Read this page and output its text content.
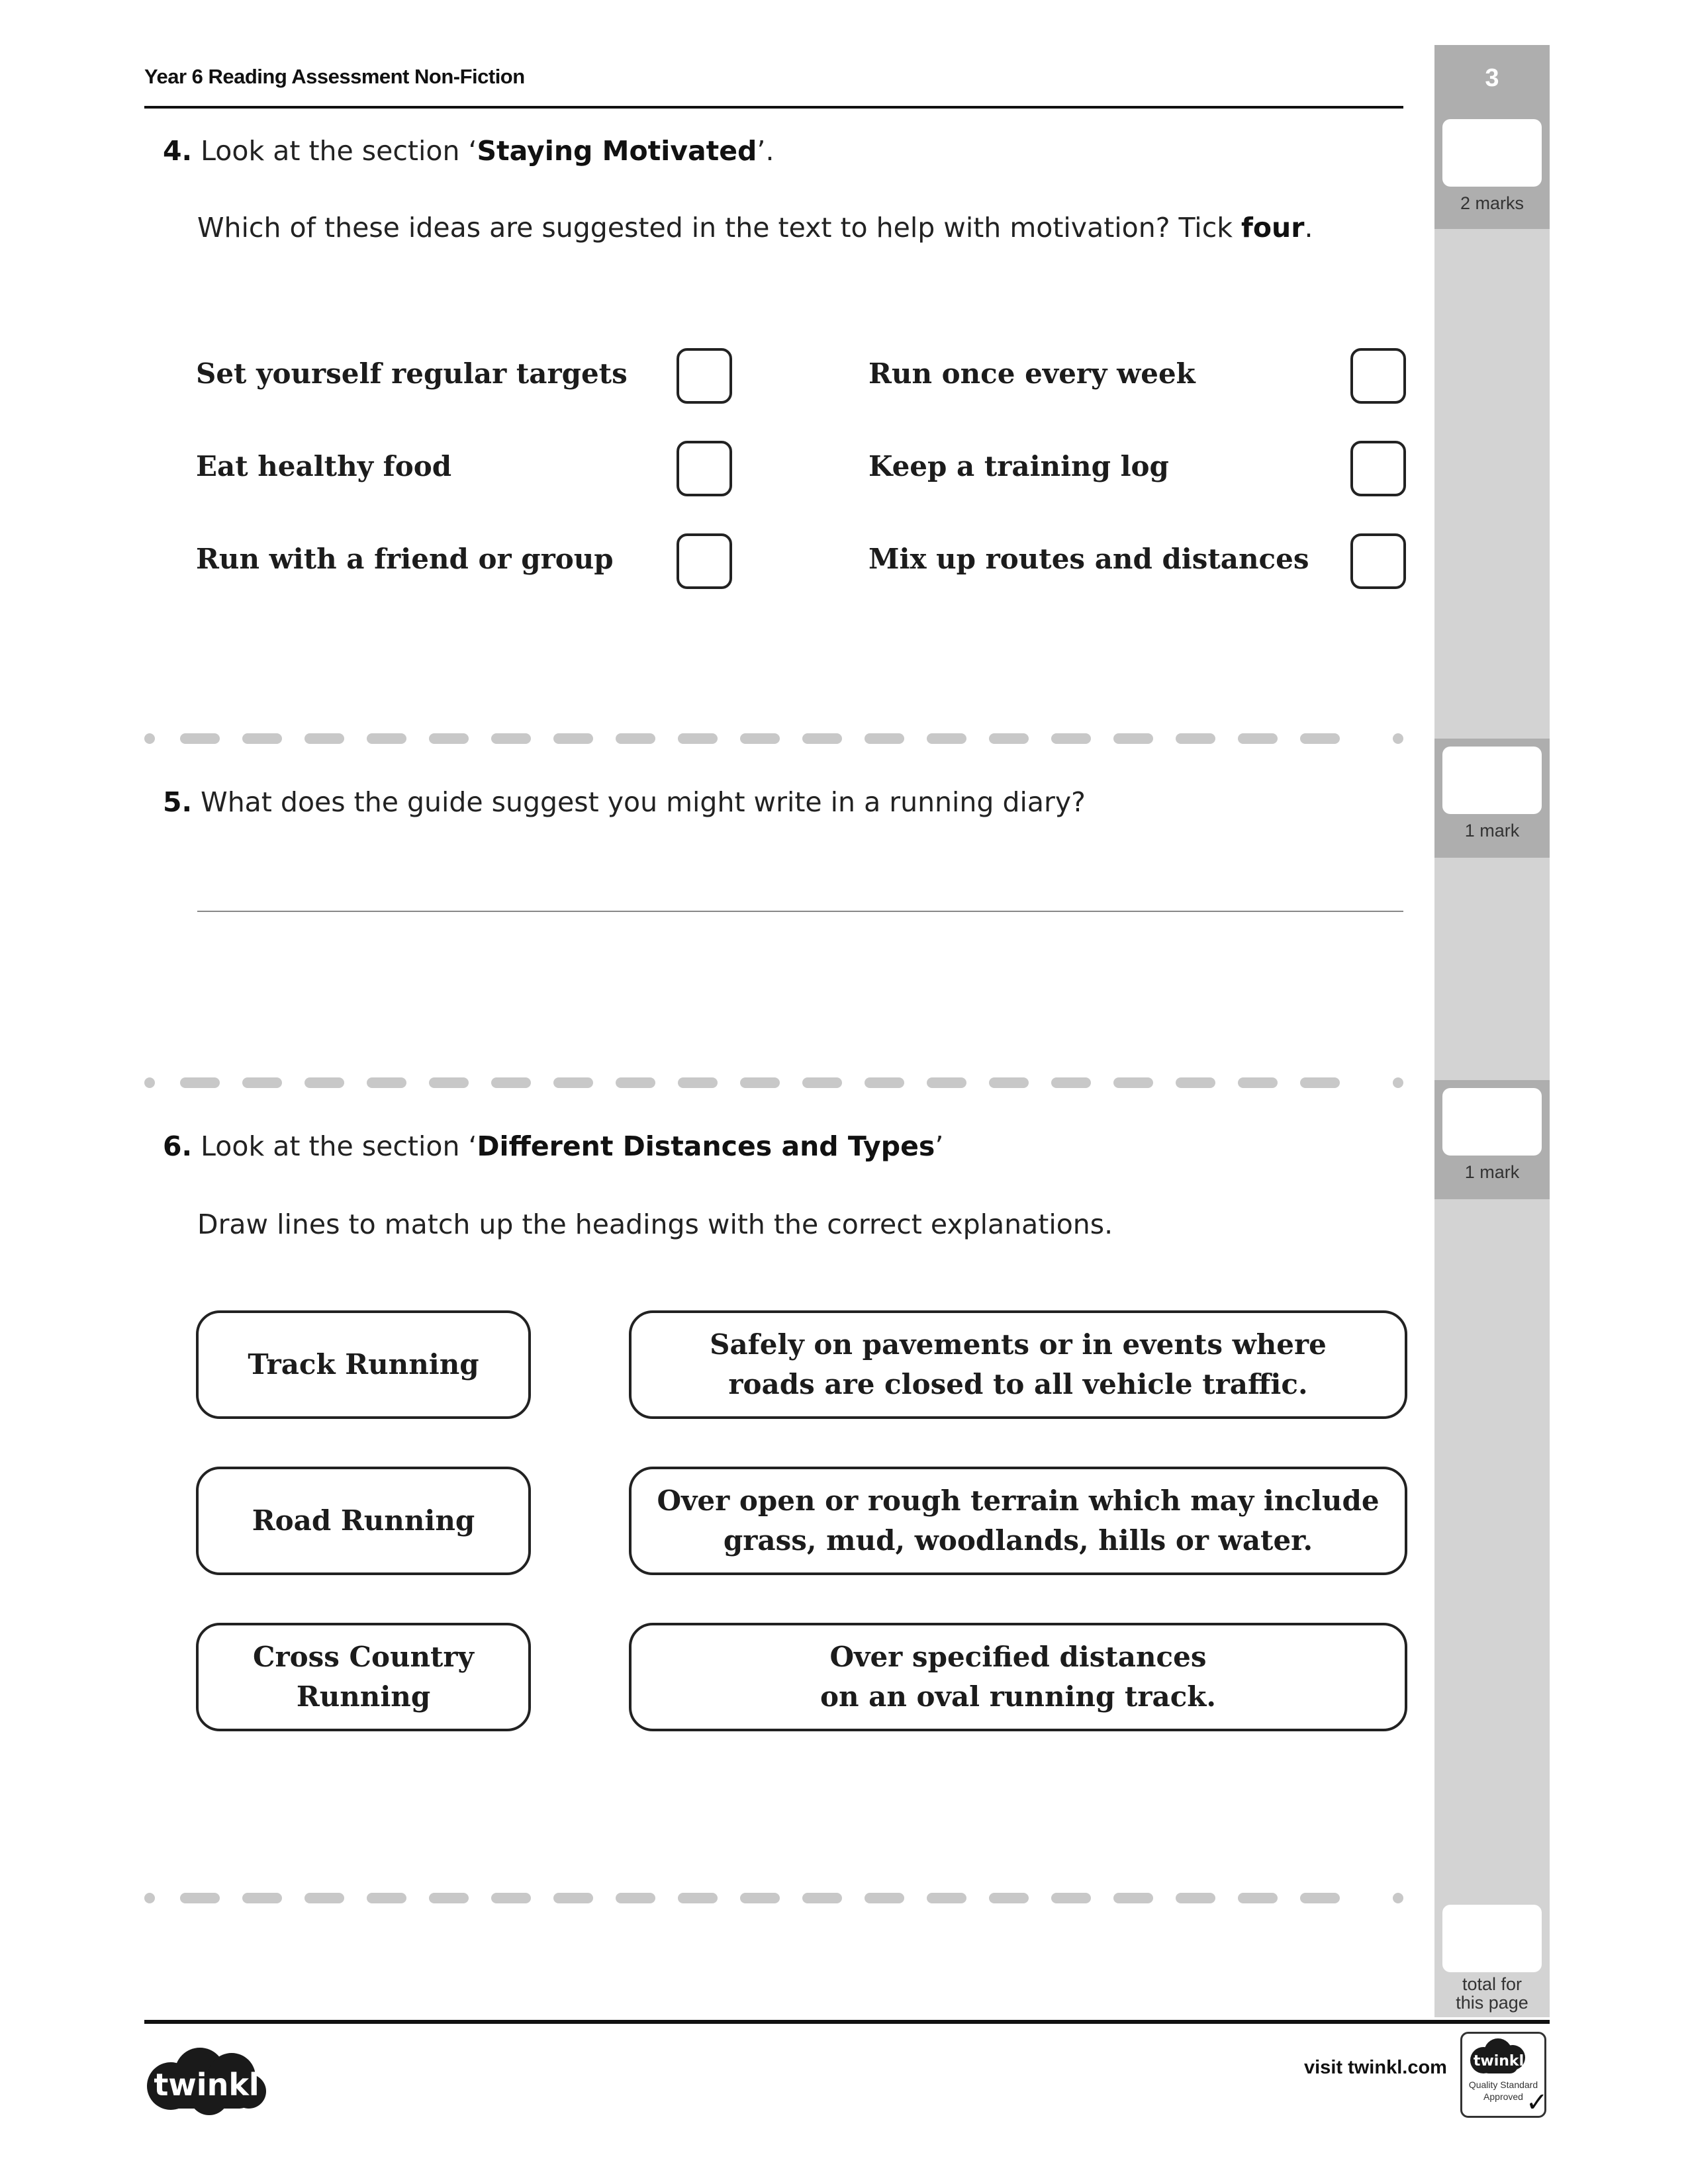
Year 6 Reading Assessment Non-Fiction	3
2 marks
1 mark
1 mark
total for
this page
4. Look at the section ‘Staying Motivated’.
Which of these ideas are suggested in the text to help with motivation? Tick four.
Set yourself regular targets
Eat healthy food
Run with a friend or group
Run once every week
Keep a training log
Mix up routes and distances
5. What does the guide suggest you might write in a running diary?
6. Look at the section ‘Different Distances and Types’
Draw lines to match up the headings with the correct explanations.
Track Running
Road Running
Cross Country
Running
Safely on pavements or in events where
roads are closed to all vehicle traffic.
Over open or rough terrain which may include
grass, mud, woodlands, hills or water.
Over specified distances
on an oval running track.
twinkl	visit twinkl.com twinkl
Quality Standard
Approved ✓
